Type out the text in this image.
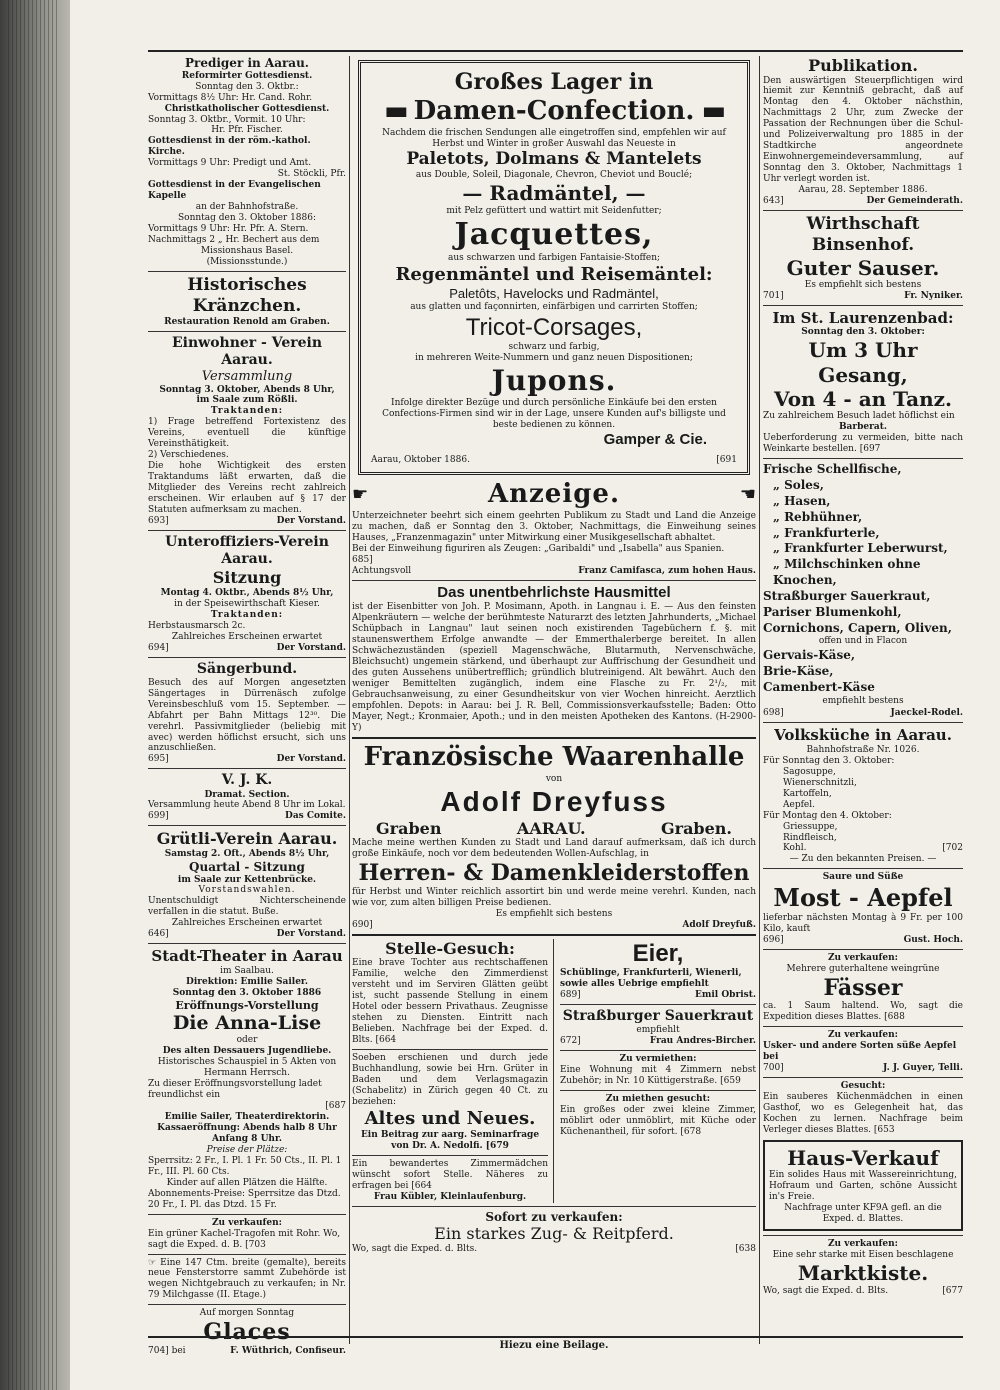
Prediger in Aarau.

Reformirter Gottesdienst.

Sonntag den 3. Oktbr.:

Vormittags 8½ Uhr: Hr. Cand. Rohr.

Christkatholischer Gottesdienst.

Sonntag 3. Oktbr., Vormit. 10 Uhr:

Hr. Pfr. Fischer.

Gottesdienst in der röm.-kathol. Kirche.

Vormittags 9 Uhr: Predigt und Amt.

St. Stöckli, Pfr.

Gottesdienst in der Evangelischen Kapelle

an der Bahnhofstraße.

Sonntag den 3. Oktober 1886:

Vormittags 9 Uhr: Hr. Pfr. A. Stern.

Nachmittags 2 „ Hr. Bechert aus dem

Missionshaus Basel.

(Missionsstunde.)

Historisches Kränzchen.

Restauration Renold am Graben.

Einwohner - Verein Aarau.

Versammlung

Sonntag 3. Oktober, Abends 8 Uhr,

im Saale zum Rößli.

Traktanden:

1) Frage betreffend Fortexistenz des Vereins, eventuell die künftige Vereinsthätigkeit.

2) Verschiedenes.

Die hohe Wichtigkeit des ersten Traktandums läßt erwarten, daß die Mitglieder des Vereins recht zahlreich erscheinen. Wir erlauben auf § 17 der Statuten aufmerksam zu machen.

693]	Der Vorstand.

Unteroffiziers-Verein Aarau.

Sitzung

Montag 4. Oktbr., Abends 8½ Uhr,

in der Speisewirthschaft Kieser.

Traktanden:

Herbstausmarsch 2c.

Zahlreiches Erscheinen erwartet

694]	Der Vorstand.

Sängerbund.

Besuch des auf Morgen angesetzten Sängertages in Dürrenäsch zufolge Vereinsbeschluß vom 15. September. — Abfahrt per Bahn Mittags 12³⁰. Die verehrl. Passivmitglieder (beliebig mit avec) werden höflichst ersucht, sich uns anzuschließen.

695]	Der Vorstand.

V. J. K.

Dramat. Section.

Versammlung heute Abend 8 Uhr im Lokal.

699]	Das Comite.

Grütli-Verein Aarau.

Samstag 2. Oft., Abends 8½ Uhr,

Quartal - Sitzung

im Saale zur Kettenbrücke.

Vorstandswahlen.

Unentschuldigt Nichterscheinende verfallen in die statut. Buße.

Zahlreiches Erscheinen erwartet

646]	Der Vorstand.

Stadt-Theater in Aarau

im Saalbau.

Direktion: Emilie Sailer.

Sonntag den 3. Oktober 1886

Eröffnungs-Vorstellung

Die Anna-Lise

oder

Des alten Dessauers Jugendliebe.

Historisches Schauspiel in 5 Akten von Hermann Herrsch.

Zu dieser Eröffnungsvorstellung ladet freundlichst ein

[687

Emilie Sailer, Theaterdirektorin.

Kassaeröffnung: Abends halb 8 Uhr

Anfang 8 Uhr.

Preise der Plätze:

Sperrsitz: 2 Fr., I. Pl. 1 Fr. 50 Cts., II. Pl. 1 Fr., III. Pl. 60 Cts.

Kinder auf allen Plätzen die Hälfte.

Abonnements-Preise: Sperrsitze das Dtzd. 20 Fr., I. Pl. das Dtzd. 15 Fr.

Zu verkaufen:

Ein grüner Kachel-Tragofen mit Rohr. Wo, sagt die Exped. d. B. [703

☞ Eine 147 Ctm. breite (gemalte), bereits neue Fensterstorre sammt Zubehörde ist wegen Nichtgebrauch zu verkaufen; in Nr. 79 Milchgasse (II. Etage.)

Auf morgen Sonntag

Glaces

704] bei	F. Wüthrich, Confiseur.

Großes Lager in

▬ Damen-Confection. ▬

Nachdem die frischen Sendungen alle eingetroffen sind, empfehlen wir auf Herbst und Winter in großer Auswahl das Neueste in

Paletots, Dolmans & Mantelets

aus Double, Soleil, Diagonale, Chevron, Cheviot und Bouclé;

— Radmäntel, —

mit Pelz gefüttert und wattirt mit Seidenfutter;

Jacquettes,

aus schwarzen und farbigen Fantaisie-Stoffen;

Regenmäntel und Reisemäntel:

Paletôts, Havelocks und Radmäntel,

aus glatten und façonnirten, einfärbigen und carrirten Stoffen;

Tricot-Corsages,

schwarz und farbig,

in mehreren Weite-Nummern und ganz neuen Dispositionen;

Jupons.

Infolge direkter Bezüge und durch persönliche Einkäufe bei den ersten Confections-Firmen sind wir in der Lage, unsere Kunden auf's billigste und beste bedienen zu können.

Gamper & Cie.

Aarau, Oktober 1886.	[691
☛	Anzeige.	☚

Unterzeichneter beehrt sich einem geehrten Publikum zu Stadt und Land die Anzeige zu machen, daß er Sonntag den 3. Oktober, Nachmittags, die Einweihung seines Hauses, „Franzenmagazin" unter Mitwirkung einer Musikgesellschaft abhaltet.

Bei der Einweihung figuriren als Zeugen: „Garibaldi" und „Isabella" aus Spanien.

685]

Achtungsvoll	Franz Camifasca, zum hohen Haus.

Das unentbehrlichste Hausmittel

ist der Eisenbitter von Joh. P. Mosimann, Apoth. in Langnau i. E. — Aus den feinsten Alpenkräutern — welche der berühmteste Naturarzt des letzten Jahrhunderts, „Michael Schüpbach in Langnau" laut seinen noch existirenden Tagebüchern f. §. mit staunenswerthem Erfolge anwandte — der Emmerthalerberge bereitet. In allen Schwächezuständen (speziell Magenschwäche, Blutarmuth, Nervenschwäche, Bleichsucht) ungemein stärkend, und überhaupt zur Auffrischung der Gesundheit und des guten Aussehens unübertrefflich; gründlich blutreinigend. Alt bewährt. Auch den weniger Bemittelten zugänglich, indem eine Flasche zu Fr. 2¹/₂, mit Gebrauchsanweisung, zu einer Gesundheitskur von vier Wochen hinreicht. Aerztlich empfohlen. Depots: in Aarau: bei J. R. Bell, Commissionsverkaufsstelle; Baden: Otto Mayer, Negt.; Kronmaier, Apoth.; und in den meisten Apotheken des Kantons. (H-2900-Y)

Französische Waarenhalle

von

Adolf Dreyfuss

Graben	AARAU.	Graben.

Mache meine werthen Kunden zu Stadt und Land darauf aufmerksam, daß ich durch große Einkäufe, noch vor dem bedeutenden Wollen-Aufschlag, in

Herren- & Damenkleiderstoffen

für Herbst und Winter reichlich assortirt bin und werde meine verehrl. Kunden, nach wie vor, zum alten billigen Preise bedienen.

Es empfiehlt sich bestens

690]	Adolf Dreyfuß.

Stelle-Gesuch:

Eine brave Tochter aus rechtschaffenen Familie, welche den Zimmerdienst versteht und im Serviren Glätten geübt ist, sucht passende Stellung in einem Hotel oder bessern Privathaus. Zeugnisse stehen zu Diensten. Eintritt nach Belieben. Nachfrage bei der Exped. d. Blts. [664

Soeben erschienen und durch jede Buchhandlung, sowie bei Hrn. Grüter in Baden und dem Verlagsmagazin (Schabelitz) in Zürich gegen 40 Ct. zu beziehen:

Altes und Neues.

Ein Beitrag zur aarg. Seminarfrage von Dr. A. Nedolfi. [679

Ein bewandertes Zimmermädchen wünscht sofort Stelle. Näheres zu erfragen bei [664

Frau Kübler, Kleinlaufenburg.

Eier,

Schüblinge, Frankfurterli, Wienerli, sowie alles Uebrige empfiehlt

689]	Emil Obrist.

Straßburger Sauerkraut

empfiehlt

672]	Frau Andres-Bircher.

Zu vermiethen:

Eine Wohnung mit 4 Zimmern nebst Zubehör; in Nr. 10 Küttigerstraße. [659

Zu miethen gesucht:

Ein großes oder zwei kleine Zimmer, möblirt oder unmöblirt, mit Küche oder Küchenantheil, für sofort. [678

Sofort zu verkaufen:

Ein starkes Zug- & Reitpferd.

Wo, sagt die Exped. d. Blts.	[638

Publikation.

Den auswärtigen Steuerpflichtigen wird hiemit zur Kenntniß gebracht, daß auf Montag den 4. Oktober nächsthin, Nachmittags 2 Uhr, zum Zwecke der Passation der Rechnungen über die Schul- und Polizeiverwaltung pro 1885 in der Stadtkirche angeordnete Einwohnergemeindeversammlung, auf Sonntag den 3. Oktober, Nachmittags 1 Uhr verlegt worden ist.

Aarau, 28. September 1886.

643]	Der Gemeinderath.

Wirthschaft Binsenhof.

Guter Sauser.

Es empfiehlt sich bestens

701]	Fr. Nyniker.

Im St. Laurenzenbad:

Sonntag den 3. Oktober:

Um 3 Uhr Gesang,

Von 4 - an Tanz.

Zu zahlreichem Besuch ladet höflichst ein

Barberat.

Ueberforderung zu vermeiden, bitte nach Weinkarte bestellen. [697

Frische Schellfische,

„ Soles,

„ Hasen,

„ Rebhühner,

„ Frankfurterle,

„ Frankfurter Leberwurst,

„ Milchschinken ohne Knochen,

Straßburger Sauerkraut,

Pariser Blumenkohl,

Cornichons, Capern, Oliven,

offen und in Flacon

Gervais-Käse,

Brie-Käse,

Camenbert-Käse

empfiehlt bestens

698]	Jaeckel-Rodel.

Volksküche in Aarau.

Bahnhofstraße Nr. 1026.

Für Sonntag den 3. Oktober:

Sagosuppe,

Wienerschnitzli,

Kartoffeln,

Aepfel.

Für Montag den 4. Oktober:

Griessuppe,

Rindfleisch,

Kohl.	[702

— Zu den bekannten Preisen. —

Saure und Süße

Most - Aepfel

lieferbar nächsten Montag à 9 Fr. per 100 Kilo, kauft

696]	Gust. Hoch.

Zu verkaufen:

Mehrere guterhaltene weingrüne

Fässer

ca. 1 Saum haltend. Wo, sagt die Expedition dieses Blattes. [688

Zu verkaufen:

Usker- und andere Sorten süße Aepfel bei

700]	J. J. Guyer, Telli.

Gesucht:

Ein sauberes Küchenmädchen in einen Gasthof, wo es Gelegenheit hat, das Kochen zu lernen. Nachfrage beim Verleger dieses Blattes. [653

Haus-Verkauf

Ein solides Haus mit Wassereinrichtung, Hofraum und Garten, schöne Aussicht in's Freie.

Nachfrage unter KF9A gefl. an die Exped. d. Blattes.

Zu verkaufen:

Eine sehr starke mit Eisen beschlagene

Marktkiste.

Wo, sagt die Exped. d. Blts.	[677

Hiezu eine Beilage.
